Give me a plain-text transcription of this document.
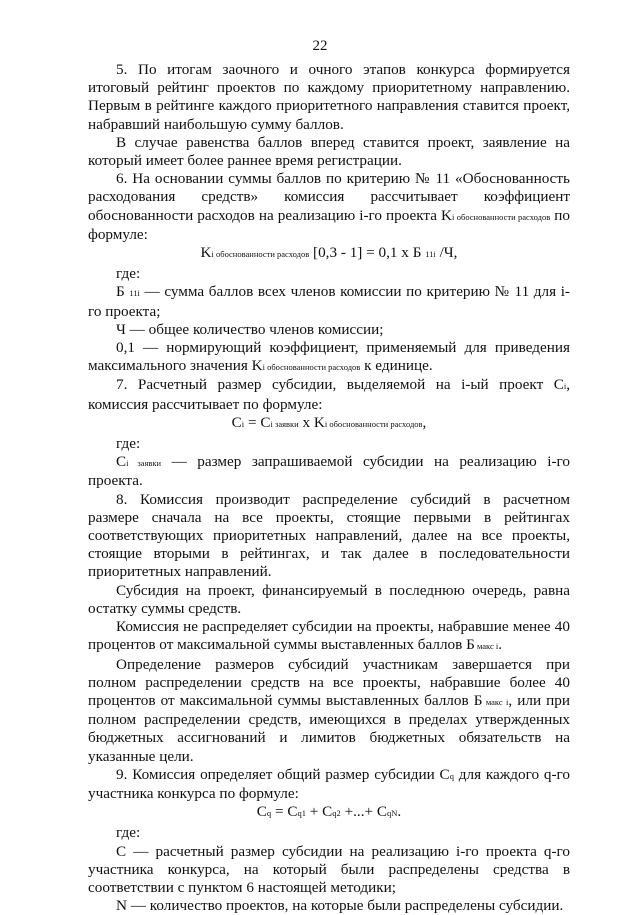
22

5. По итогам заочного и очного этапов конкурса формируется итоговый рейтинг проектов по каждому приоритетному направлению. Первым в рейтинге каждого приоритетного направления ставится проект, набравший наибольшую сумму баллов.

В случае равенства баллов вперед ставится проект, заявление на который имеет более раннее время регистрации.

6. На основании суммы баллов по критерию № 11 «Обоснованность расходования средств» комиссия рассчитывает коэффициент обоснованности расходов на реализацию i-го проекта Ki обоснованности расходов по формуле:

Ki обоснованности расходов [0,3 - 1] = 0,1 х Б 11i /Ч,

где:

Б 11i — сумма баллов всех членов комиссии по критерию № 11 для i-го проекта;

Ч — общее количество членов комиссии;

0,1 — нормирующий коэффициент, применяемый для приведения максимального значения Ki обоснованности расходов к единице.

7. Расчетный размер субсидии, выделяемой на i-ый проект Ci, комиссия рассчитывает по формуле:

Ci = Ci заявки х Ki обоснованности расходов,

где:

Ci заявки — размер запрашиваемой субсидии на реализацию i-го проекта.

8. Комиссия производит распределение субсидий в расчетном размере сначала на все проекты, стоящие первыми в рейтингах соответствующих приоритетных направлений, далее на все проекты, стоящие вторыми в рейтингах, и так далее в последовательности приоритетных направлений.

Субсидия на проект, финансируемый в последнюю очередь, равна остатку суммы средств.

Комиссия не распределяет субсидии на проекты, набравшие менее 40 процентов от максимальной суммы выставленных баллов Б макс i.

Определение размеров субсидий участникам завершается при полном распределении средств на все проекты, набравшие более 40 процентов от максимальной суммы выставленных баллов Б макс i, или при полном распределении средств, имеющихся в пределах утвержденных бюджетных ассигнований и лимитов бюджетных обязательств на указанные цели.

9. Комиссия определяет общий размер субсидии Cq для каждого q-го участника конкурса по формуле:

Cq = Cq1 + Cq2 +...+ CqN.

где:

C — расчетный размер субсидии на реализацию i-го проекта q-го участника конкурса, на который были распределены средства в соответствии с пунктом 6 настоящей методики;

N — количество проектов, на которые были распределены субсидии.
